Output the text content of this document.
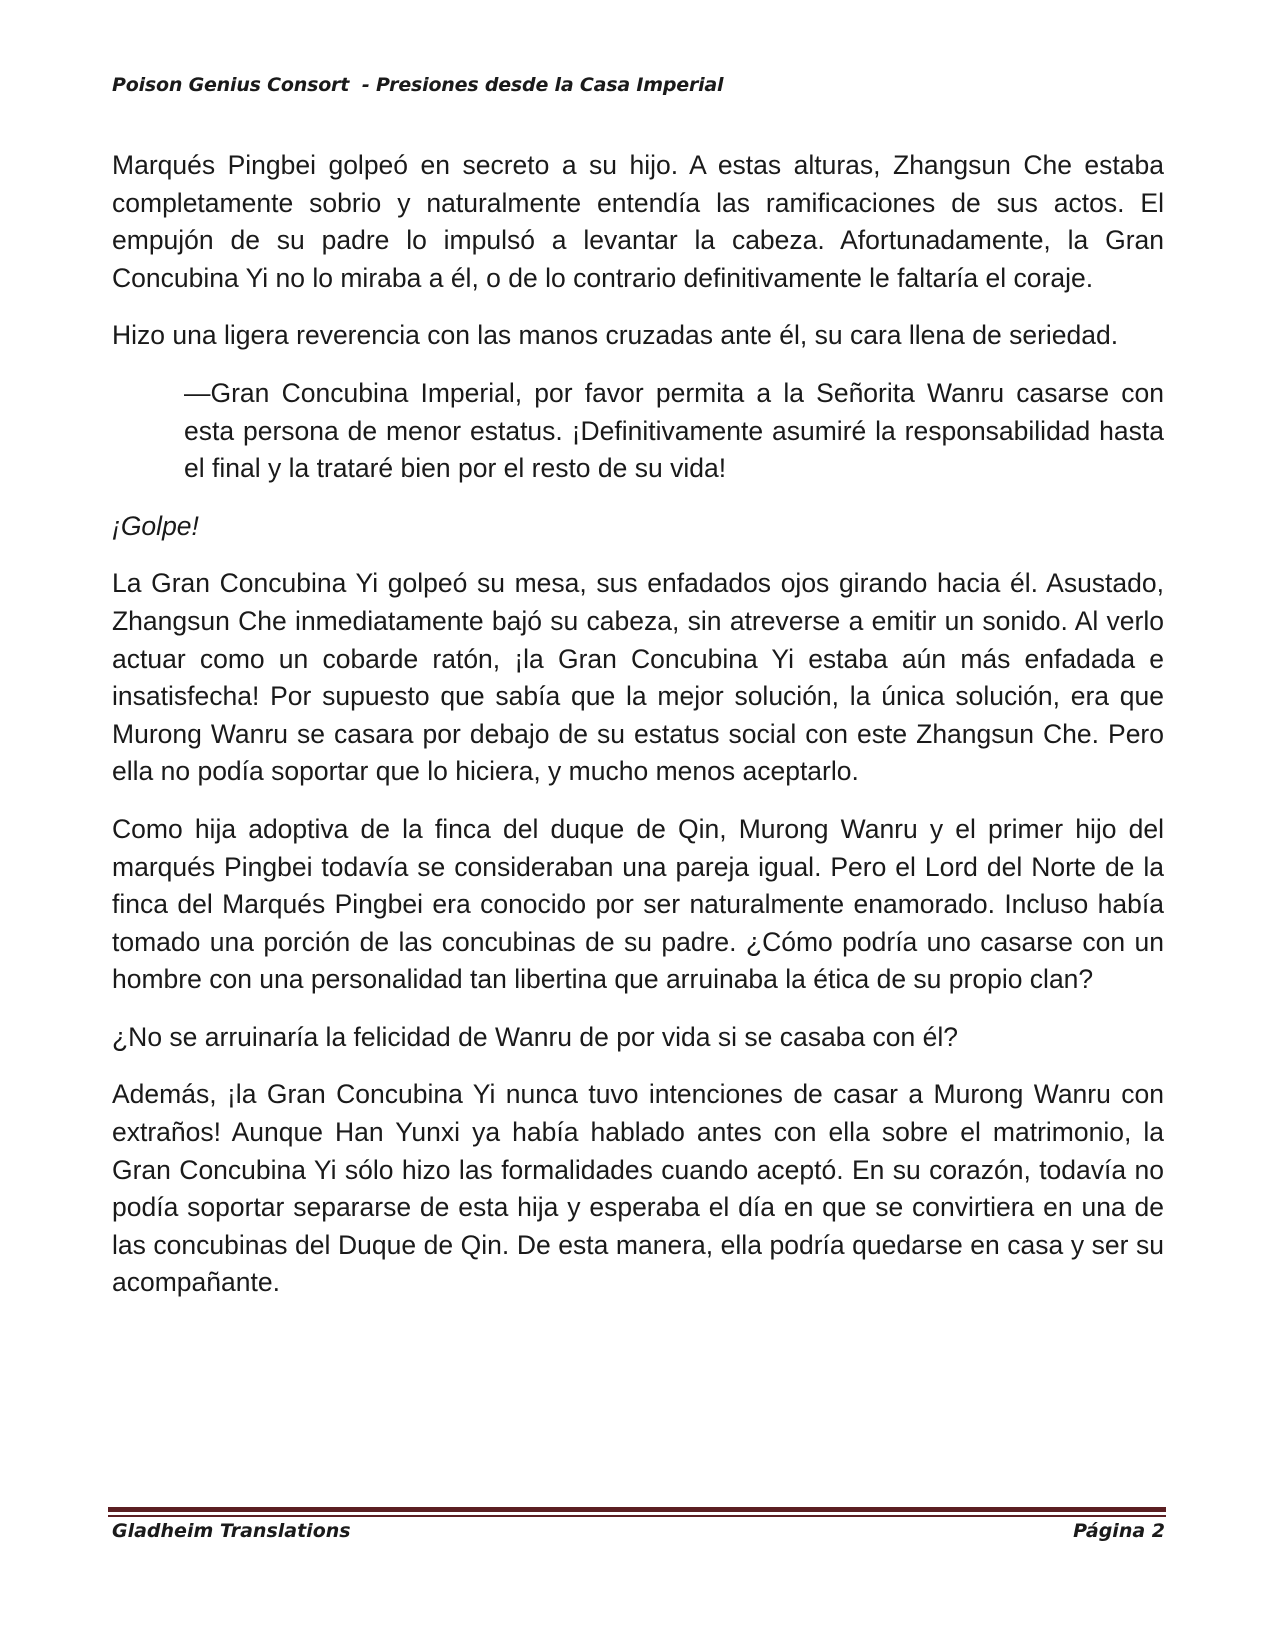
Poison Genius Consort  - Presiones desde la Casa Imperial

Marqués Pingbei golpeó en secreto a su hijo. A estas alturas, Zhangsun Che estaba completamente sobrio y naturalmente entendía las ramificaciones de sus actos. El empujón de su padre lo impulsó a levantar la cabeza. Afortunadamente, la Gran Concubina Yi no lo miraba a él, o de lo contrario definitivamente le faltaría el coraje.

Hizo una ligera reverencia con las manos cruzadas ante él, su cara llena de seriedad.

—Gran Concubina Imperial, por favor permita a la Señorita Wanru casarse con esta persona de menor estatus. ¡Definitivamente asumiré la responsabilidad hasta el final y la trataré bien por el resto de su vida!

¡Golpe!

La Gran Concubina Yi golpeó su mesa, sus enfadados ojos girando hacia él. Asustado, Zhangsun Che inmediatamente bajó su cabeza, sin atreverse a emitir un sonido. Al verlo actuar como un cobarde ratón, ¡la Gran Concubina Yi estaba aún más enfadada e insatisfecha! Por supuesto que sabía que la mejor solución, la única solución, era que Murong Wanru se casara por debajo de su estatus social con este Zhangsun Che. Pero ella no podía soportar que lo hiciera, y mucho menos aceptarlo.

Como hija adoptiva de la finca del duque de Qin, Murong Wanru y el primer hijo del marqués Pingbei todavía se consideraban una pareja igual. Pero el Lord del Norte de la finca del Marqués Pingbei era conocido por ser naturalmente enamorado. Incluso había tomado una porción de las concubinas de su padre. ¿Cómo podría uno casarse con un hombre con una personalidad tan libertina que arruinaba la ética de su propio clan?

¿No se arruinaría la felicidad de Wanru de por vida si se casaba con él?

Además, ¡la Gran Concubina Yi nunca tuvo intenciones de casar a Murong Wanru con extraños! Aunque Han Yunxi ya había hablado antes con ella sobre el matrimonio, la Gran Concubina Yi sólo hizo las formalidades cuando aceptó. En su corazón, todavía no podía soportar separarse de esta hija y esperaba el día en que se convirtiera en una de las concubinas del Duque de Qin. De esta manera, ella podría quedarse en casa y ser su acompañante.

Gladheim Translations	Página 2
